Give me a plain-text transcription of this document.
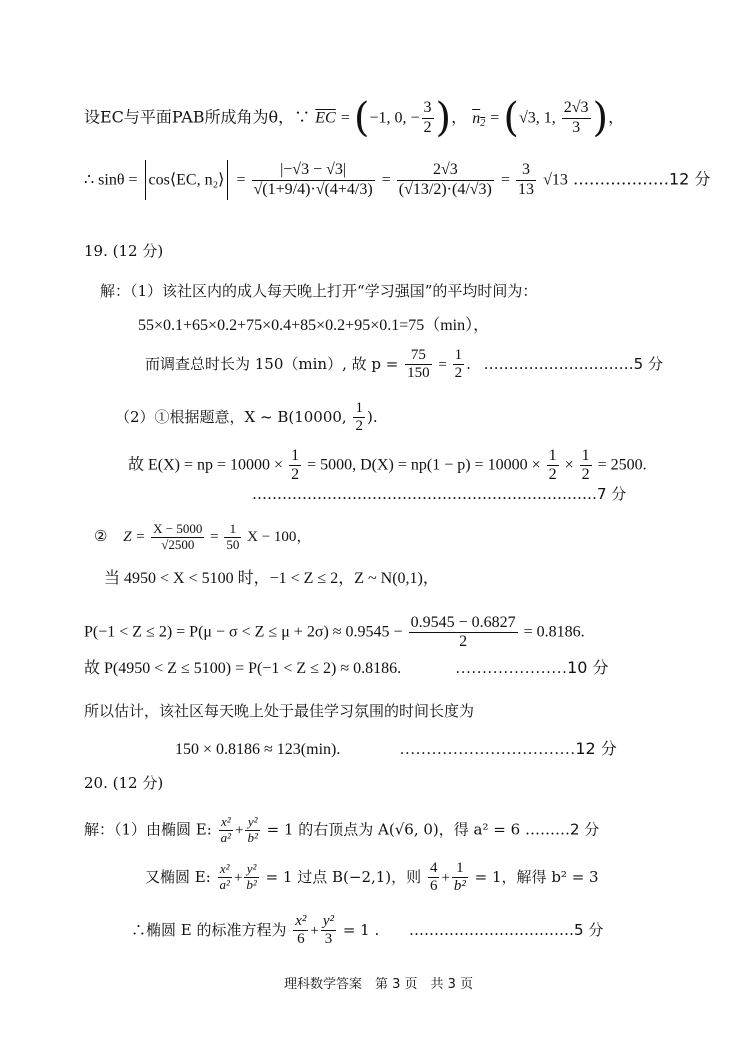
设EC与平面PAB所成角为θ，∵ $\overline{EC} = (-1$, 0, − $\frac{3}{2}$ )， $n_2 = (√3$, 1, $\frac{2√3}{3}$ )，
∴ sinθ = cos⟨EC, n₂⟩ = $\frac{|-√3 - √3|}{√(1+9/4)\cdot√(4+4/3)} = \frac{2√3}{(√13/2)\cdot(4/√3)} = \frac{3}{13} √13$ ………………12 分
19. (12 分)
解：（1）该社区内的成人每天晚上打开“学习强国”的平均时间为：
55×0.1+65×0.2+75×0.4+85×0.2+95×0.1=75（min），
而调查总时长为 150（min）, 故 $p = \frac{75}{150} = \frac{1}{2}$ . …………………………5 分
（2）①根据题意，X ~ B(10000, $\frac{1}{2}$ ).
故 E(X) = np = $10000 \times \frac{1}{2} = 5000$, $D(X) = np(1 - p) = 10000 \times \frac{1}{2} \times \frac{1}{2} = 2500$.
……………………………………………………………7 分
② $Z = \frac{X - 5000}{√2500} = \frac{1}{50}$ X − 100，
当 4950 < X < 5100 时，−1 < Z ≤ 2，Z ~ N(0,1)，
$P(-1 < Z \le 2) = P(\mu - \sigma < Z \le \mu + 2\sigma) \approx 0.9545 - \frac{0.9545 - 0.6827}{2} = 0.8186$.
故 P(4950 < Z ≤ 5100) = P(−1 < Z ≤ 2) ≈ 0.8186.	…………………10 分
所以估计，该社区每天晚上处于最佳学习氛围的时间长度为
150 × 0.8186 ≈ 123(min).	……………………………12 分
20. (12 分)
解：（1）由椭圆 E: $\frac{\text{x²}}{\text{a²}} + \frac{\text{y²}}{\text{b²}} = 1$ 的右顶点为 A(√6, 0)，得 a² = 6 ………2 分
又椭圆 E: $\frac{\text{x²}}{\text{a²}} + \frac{\text{y²}}{\text{b²}} = 1$ 过点 B(−2,1)，则 $\frac{4}{6} + \frac{1}{\text{b²}} = 1$，解得 b² = 3
∴椭圆 E 的标准方程为 $\frac{\text{x²}}{6} + \frac{\text{y²}}{3} = 1$ . ……………………………5 分
理科数学答案　第 3 页　共 3 页
